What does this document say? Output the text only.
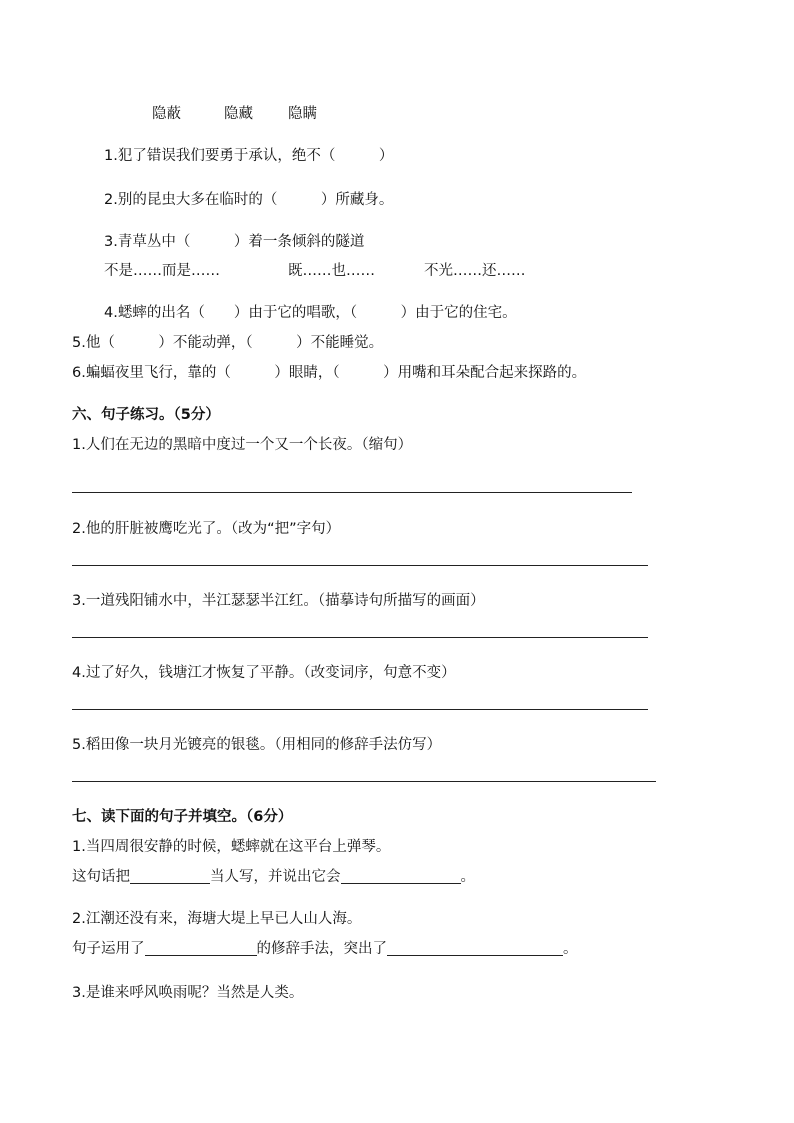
隐蔽	隐藏 隐瞒
1.犯了错误我们要勇于承认，绝不（　　　）
2.别的昆虫大多在临时的（　　　）所藏身。
3.青草丛中（　　　）着一条倾斜的隧道
不是……而是……	既……也……	不光……还……
4.蟋蟀的出名（　　）由于它的唱歌，（　　　）由于它的住宅。
5.他（　　　）不能动弹，（　　　）不能睡觉。
6.蝙蝠夜里飞行，靠的（　　　）眼睛，（　　　）用嘴和耳朵配合起来探路的。
六、句子练习。（5分）
1.人们在无边的黑暗中度过一个又一个长夜。（缩句）
2.他的肝脏被鹰吃光了。（改为“把”字句）
3.一道残阳铺水中，半江瑟瑟半江红。（描摹诗句所描写的画面）
4.过了好久，钱塘江才恢复了平静。（改变词序，句意不变）
5.稻田像一块月光镀亮的银毯。（用相同的修辞手法仿写）
七、读下面的句子并填空。（6分）
1.当四周很安静的时候，蟋蟀就在这平台上弹琴。
这句话把	当人写，并说出它会	。
2.江潮还没有来，海塘大堤上早已人山人海。
句子运用了	的修辞手法，突出了	。
3.是谁来呼风唤雨呢？当然是人类。
